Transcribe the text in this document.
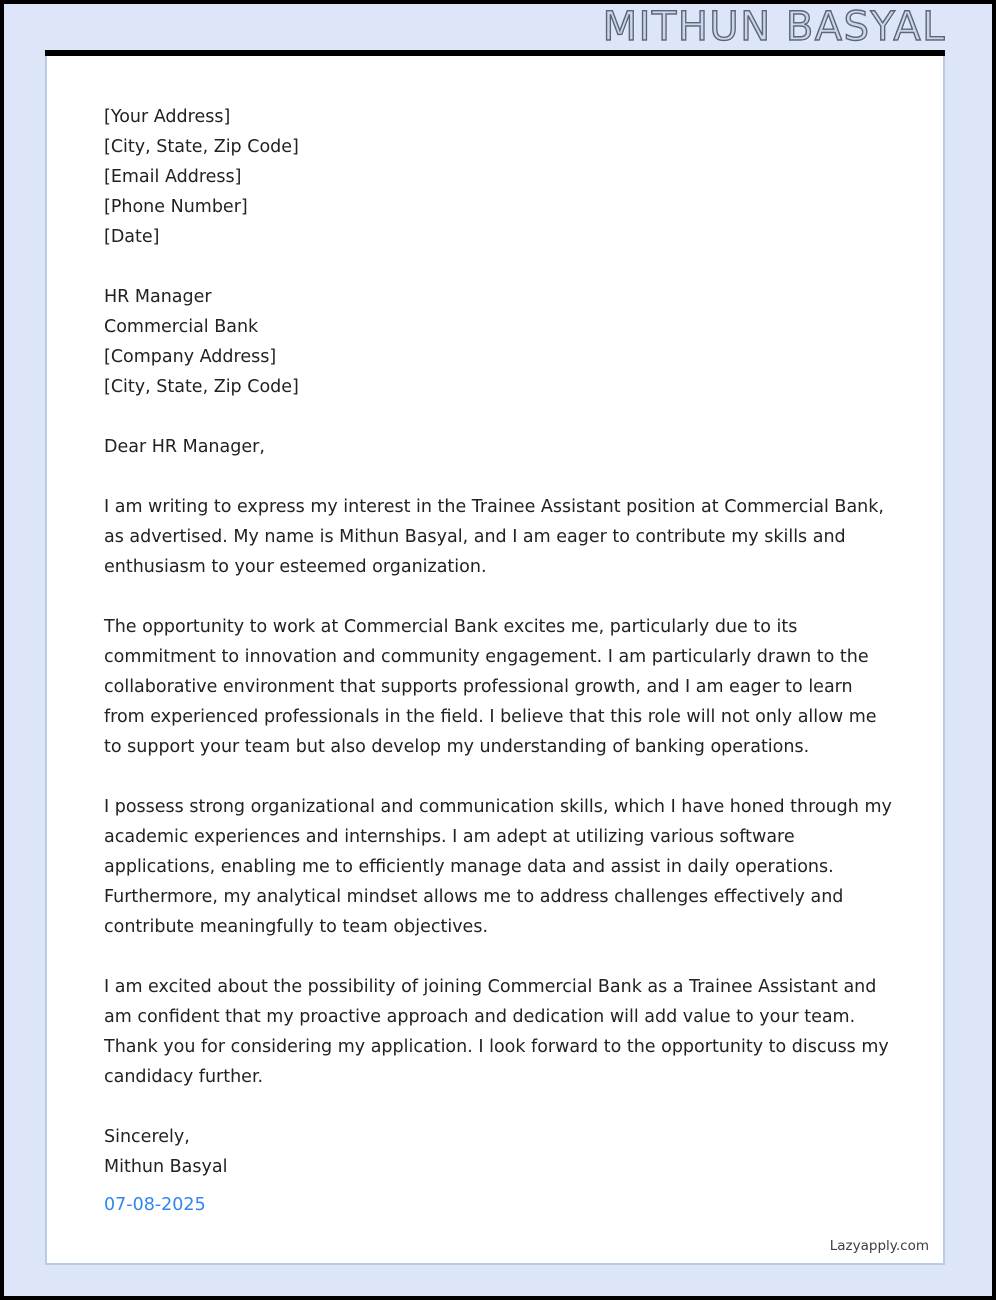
MITHUN BASYAL
[Your Address]
[City, State, Zip Code]
[Email Address]
[Phone Number]
[Date]
HR Manager
Commercial Bank
[Company Address]
[City, State, Zip Code]

Dear HR Manager,

I am writing to express my interest in the Trainee Assistant position at Commercial Bank, as advertised. My name is Mithun Basyal, and I am eager to contribute my skills and enthusiasm to your esteemed organization.

The opportunity to work at Commercial Bank excites me, particularly due to its commitment to innovation and community engagement. I am particularly drawn to the collaborative environment that supports professional growth, and I am eager to learn from experienced professionals in the field. I believe that this role will not only allow me to support your team but also develop my understanding of banking operations.

I possess strong organizational and communication skills, which I have honed through my academic experiences and internships. I am adept at utilizing various software applications, enabling me to efficiently manage data and assist in daily operations. Furthermore, my analytical mindset allows me to address challenges effectively and contribute meaningfully to team objectives.

I am excited about the possibility of joining Commercial Bank as a Trainee Assistant and am confident that my proactive approach and dedication will add value to your team. Thank you for considering my application. I look forward to the opportunity to discuss my candidacy further.

Sincerely,
Mithun Basyal
07-08-2025
Lazyapply.com
